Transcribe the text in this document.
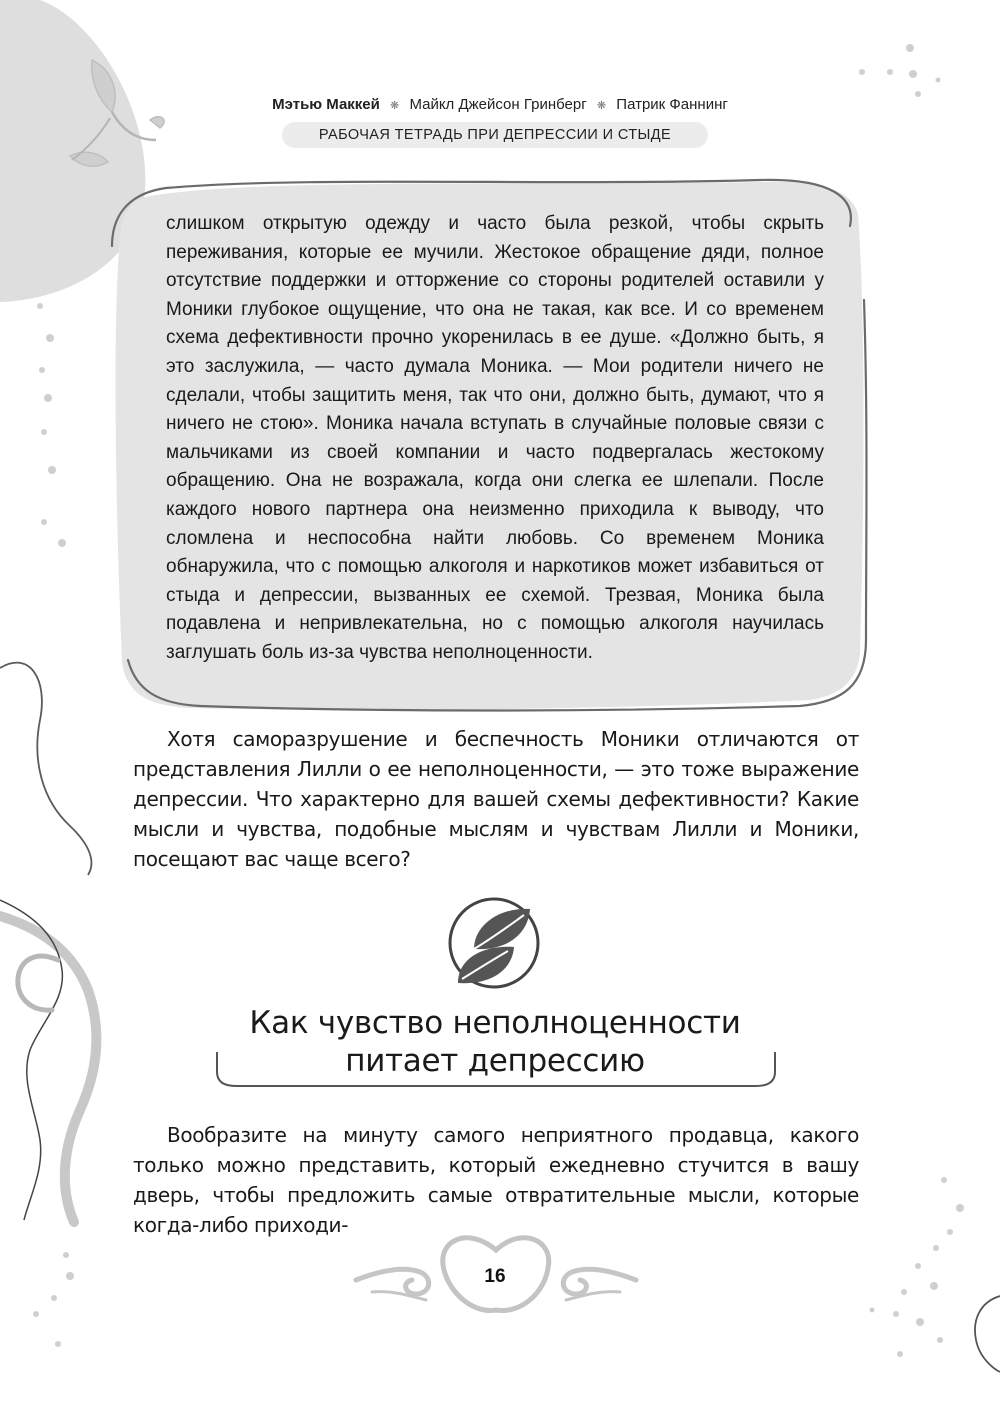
Мэтью Маккей ❋ Майкл Джейсон Гринберг ❋ Патрик Фаннинг
РАБОЧАЯ ТЕТРАДЬ ПРИ ДЕПРЕССИИ И СТЫДЕ

слишком открытую одежду и часто была резкой, чтобы скрыть переживания, которые ее мучили. Жестокое обращение дяди, полное отсутствие поддержки и отторжение со стороны родителей оставили у Моники глубокое ощущение, что она не такая, как все. И со временем схема дефективности прочно укоренилась в ее душе. «Должно быть, я это заслужила, — часто думала Моника. — Мои родители ничего не сделали, чтобы защитить меня, так что они, должно быть, думают, что я ничего не стою». Моника начала вступать в случайные половые связи с мальчиками из своей компании и часто подвергалась жестокому обращению. Она не возражала, когда они слегка ее шлепали. После каждого нового партнера она неизменно приходила к выводу, что сломлена и неспособна найти любовь. Со временем Моника обнаружила, что с помощью алкоголя и наркотиков может избавиться от стыда и депрессии, вызванных ее схемой. Трезвая, Моника была подавлена и непривлекательна, но с помощью алкоголя научилась заглушать боль из-за чувства неполноценности.

Хотя саморазрушение и беспечность Моники отличаются от представления Лилли о ее неполноценности, — это тоже выражение депрессии. Что характерно для вашей схемы дефективности? Какие мысли и чувства, подобные мыслям и чувствам Лилли и Моники, посещают вас чаще всего?

Как чувство неполноценности
питает депрессию

Вообразите на минуту самого неприятного продавца, какого только можно представить, который ежедневно стучится в вашу дверь, чтобы предложить самые отвратительные мысли, которые когда-либо приходи-

16
